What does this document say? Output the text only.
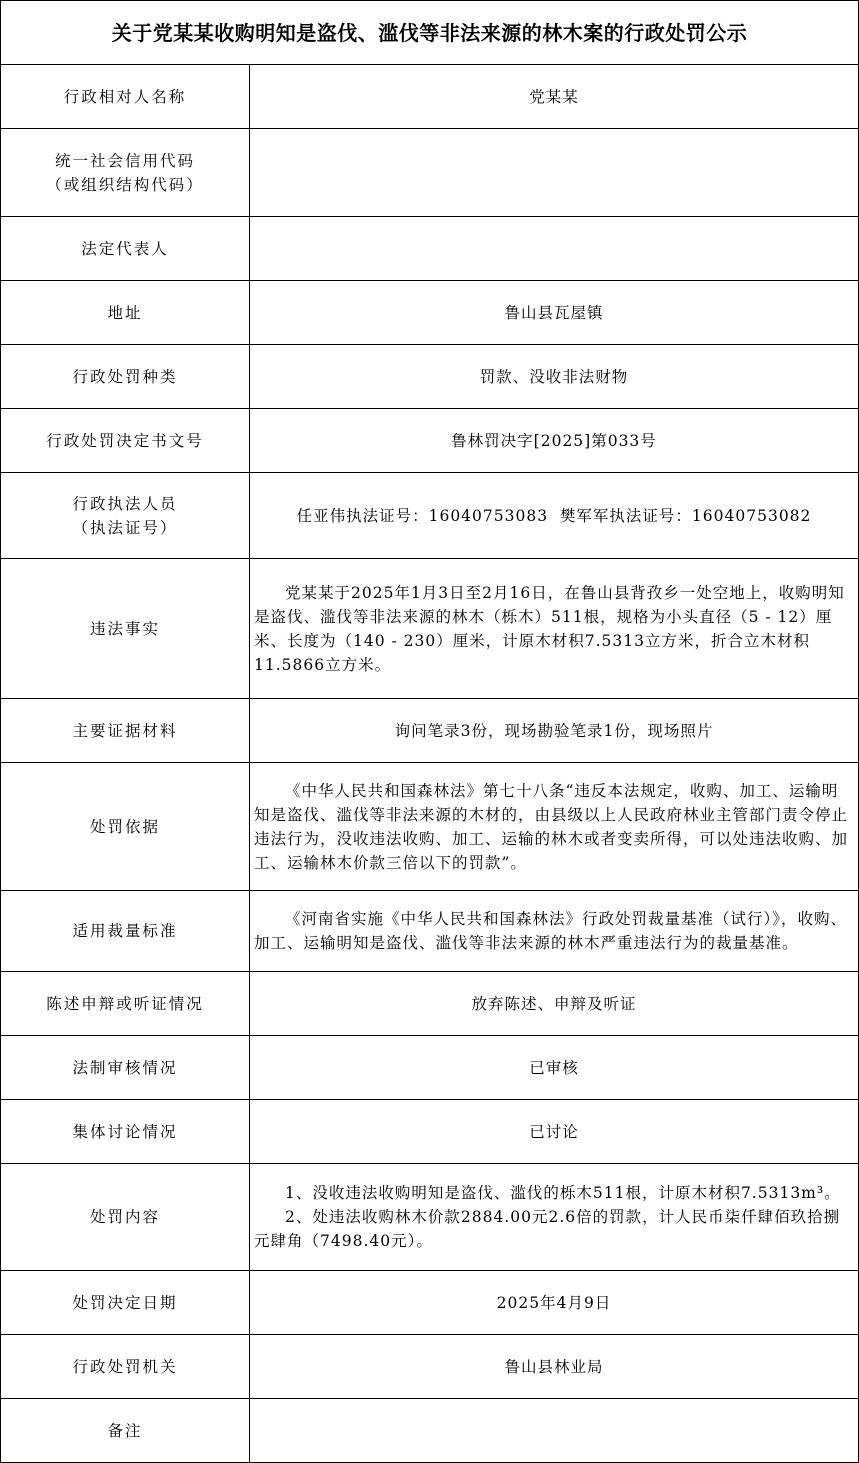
关于党某某收购明知是盗伐、滥伐等非法来源的林木案的行政处罚公示
行政相对人名称	党某某

统一社会信用代码
（或组织结构代码）	

法定代表人	
地址	鲁山县瓦屋镇
行政处罚种类	罚款、没收非法财物
行政处罚决定书文号	鲁林罚决字[2025]第033号

行政执法人员
（执法证号）	任亚伟执法证号：16040753083  樊军军执法证号：16040753082
违法事实	党某某于2025年1月3日至2月16日，在鲁山县背孜乡一处空地上，收购明知是盗伐、滥伐等非法来源的林木（栎木）511根，规格为小头直径（5 - 12）厘米、长度为（140 - 230）厘米，计原木材积7.5313立方米，折合立木材积11.5866立方米。

主要证据材料	询问笔录3份，现场勘验笔录1份，现场照片
处罚依据	《中华人民共和国森林法》第七十八条“违反本法规定，收购、加工、运输明知是盗伐、滥伐等非法来源的木材的，由县级以上人民政府林业主管部门责令停止违法行为，没收违法收购、加工、运输的林木或者变卖所得，可以处违法收购、加工、运输林木价款三倍以下的罚款”。

适用裁量标准	《河南省实施《中华人民共和国森林法》行政处罚裁量基准（试行）》，收购、加工、运输明知是盗伐、滥伐等非法来源的林木严重违法行为的裁量基准。

陈述申辩或听证情况	放弃陈述、申辩及听证
法制审核情况	已审核
集体讨论情况	已讨论
处罚内容	1、没收违法收购明知是盗伐、滥伐的栎木511根，计原木材积7.5313m³。
2、处违法收购林木价款2884.00元2.6倍的罚款，计人民币柒仟肆佰玖拾捌元肆角（7498.40元）。

处罚决定日期	2025年4月9日
行政处罚机关	鲁山县林业局
备注	
